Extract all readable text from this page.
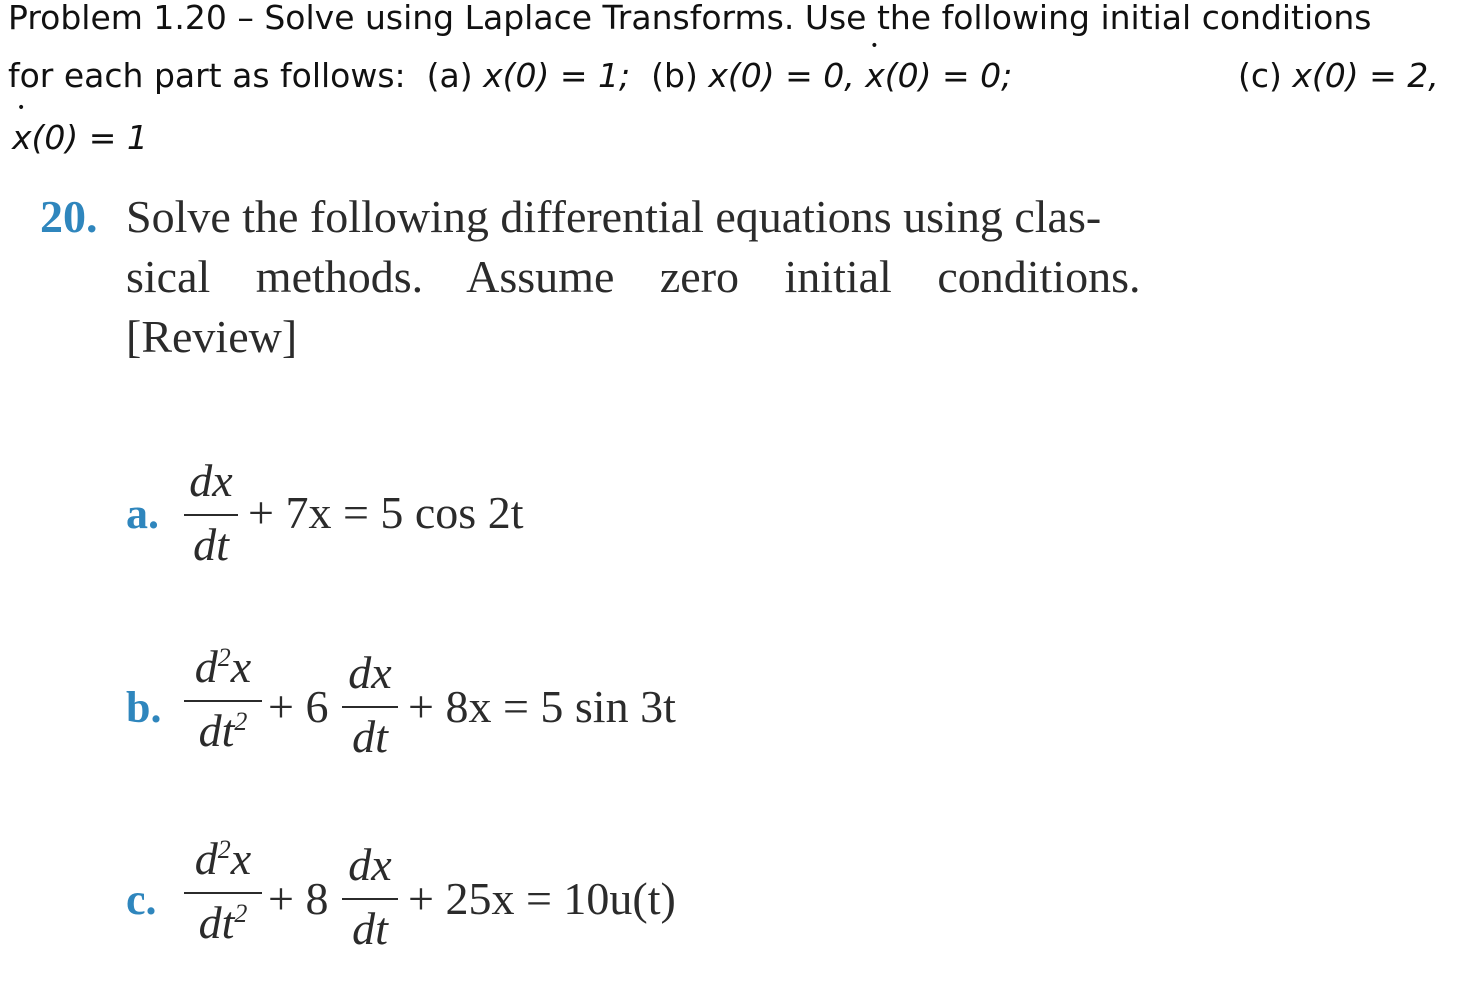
Problem 1.20 – Solve using Laplace Transforms. Use the following initial conditions
for each part as follows: (a) x(0) = 1; (b) x(0) = 0, x •(0) = 0;	(c) x(0) = 2,
x •(0) = 1
20. Solve the following differential equations using clas-
sical methods. Assume zero initial conditions.
[Review]
a. $\frac{dx}{dt} + 7x = 5$ cos 2t
b. $\frac{d^2x}{dt^2} + 6 \frac{dx}{dt} + 8x = 5$ sin 3t
c. $\frac{d^2x}{dt^2} + 8 \frac{dx}{dt} + 25x = 10u(t)$
